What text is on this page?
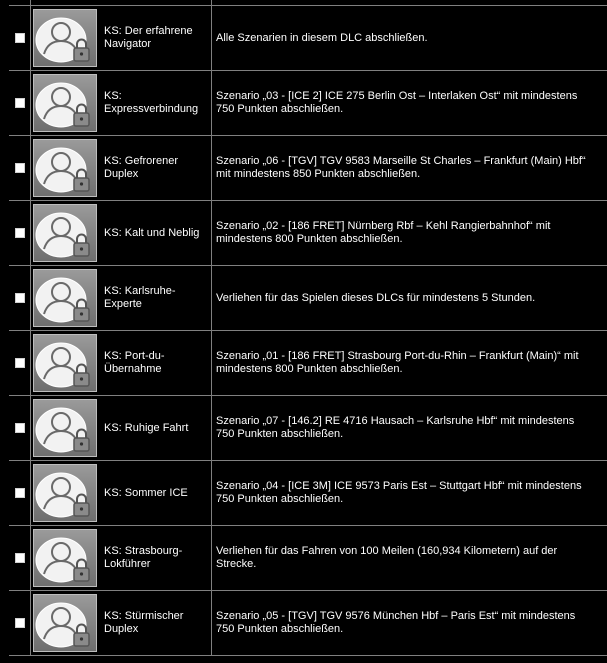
KS: Der erfahrene Navigator
Alle Szenarien in diesem DLC abschließen.
KS: Expressverbindung
Szenario „03 - [ICE 2] ICE 275 Berlin Ost – Interlaken Ost“ mit mindestens 750 Punkten abschließen.
KS: Gefrorener Duplex
Szenario „06 - [TGV] TGV 9583 Marseille St Charles – Frankfurt (Main) Hbf“ mit mindestens 850 Punkten abschließen.
KS: Kalt und Neblig
Szenario „02 - [186 FRET] Nürnberg Rbf – Kehl Rangierbahnhof“ mit mindestens 800 Punkten abschließen.
KS: Karlsruhe-Experte
Verliehen für das Spielen dieses DLCs für mindestens 5 Stunden.
KS: Port-du-Übernahme
Szenario „01 - [186 FRET] Strasbourg Port-du-Rhin – Frankfurt (Main)“ mit mindestens 800 Punkten abschließen.
KS: Ruhige Fahrt
Szenario „07 - [146.2] RE 4716 Hausach – Karlsruhe Hbf“ mit mindestens 750 Punkten abschließen.
KS: Sommer ICE
Szenario „04 - [ICE 3M] ICE 9573 Paris Est – Stuttgart Hbf“ mit mindestens 750 Punkten abschließen.
KS: Strasbourg-Lokführer
Verliehen für das Fahren von 100 Meilen (160,934 Kilometern) auf der Strecke.
KS: Stürmischer Duplex
Szenario „05 - [TGV] TGV 9576 München Hbf – Paris Est“ mit mindestens 750 Punkten abschließen.
